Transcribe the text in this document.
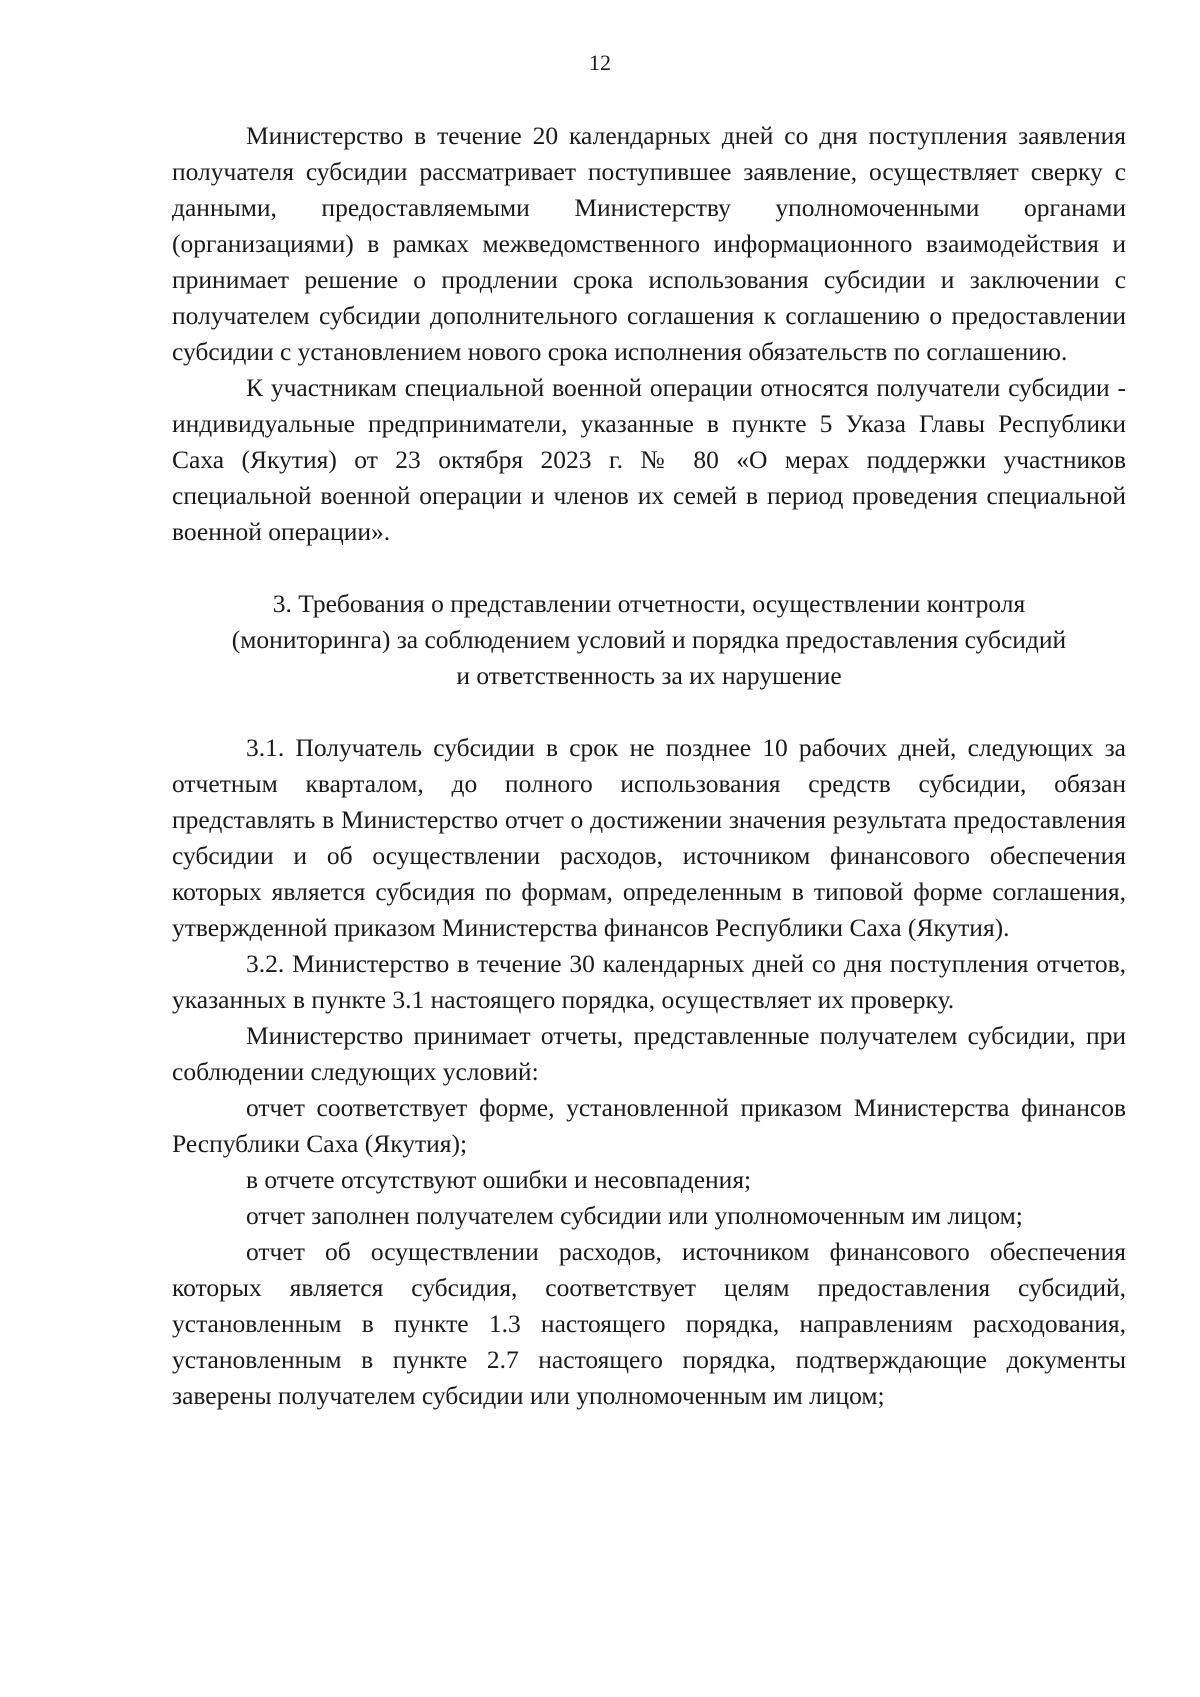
12

Министерство в течение 20 календарных дней со дня поступления заявления получателя субсидии рассматривает поступившее заявление, осуществляет сверку с данными, предоставляемыми Министерству уполномоченными органами (организациями) в рамках межведомственного информационного взаимодействия и принимает решение о продлении срока использования субсидии и заключении с получателем субсидии дополнительного соглашения к соглашению о предоставлении субсидии с установлением нового срока исполнения обязательств по соглашению.

К участникам специальной военной операции относятся получатели субсидии - индивидуальные предприниматели, указанные в пункте 5 Указа Главы Республики Саха (Якутия) от 23 октября 2023 г. № 80 «О мерах поддержки участников специальной военной операции и членов их семей в период проведения специальной военной операции».

3. Требования о представлении отчетности, осуществлении контроля
(мониторинга) за соблюдением условий и порядка предоставления субсидий
и ответственность за их нарушение

3.1. Получатель субсидии в срок не позднее 10 рабочих дней, следующих за отчетным кварталом, до полного использования средств субсидии, обязан представлять в Министерство отчет о достижении значения результата предоставления субсидии и об осуществлении расходов, источником финансового обеспечения которых является субсидия по формам, определенным в типовой форме соглашения, утвержденной приказом Министерства финансов Республики Саха (Якутия).

3.2. Министерство в течение 30 календарных дней со дня поступления отчетов, указанных в пункте 3.1 настоящего порядка, осуществляет их проверку.

Министерство принимает отчеты, представленные получателем субсидии, при соблюдении следующих условий:

отчет соответствует форме, установленной приказом Министерства финансов Республики Саха (Якутия);

в отчете отсутствуют ошибки и несовпадения;

отчет заполнен получателем субсидии или уполномоченным им лицом;

отчет об осуществлении расходов, источником финансового обеспечения которых является субсидия, соответствует целям предоставления субсидий, установленным в пункте 1.3 настоящего порядка, направлениям расходования, установленным в пункте 2.7 настоящего порядка, подтверждающие документы заверены получателем субсидии или уполномоченным им лицом;
